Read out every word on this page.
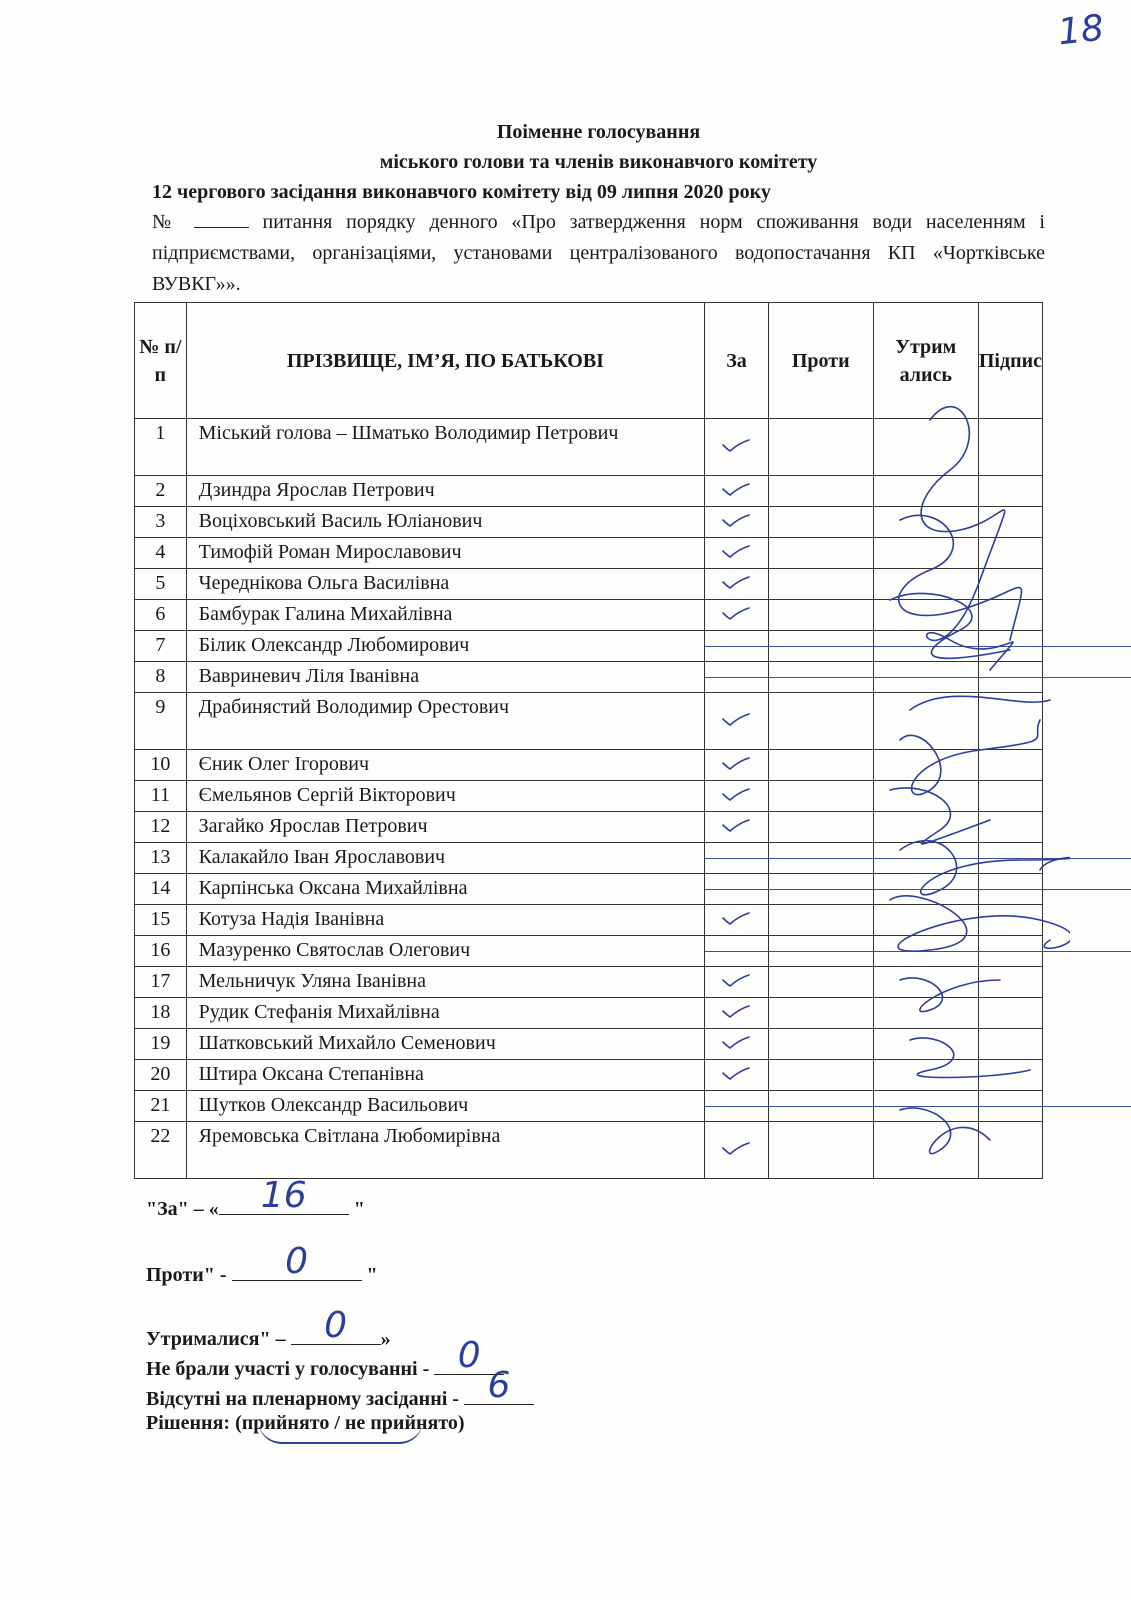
18
Поіменне голосування
міського голови та членів виконавчого комітету
12 чергового засідання виконавчого комітету від 09 липня 2020 року
№	питання порядку денного «Про затвердження норм споживання води населенням і підприємствами, організаціями, установами централізованого водопостачання КП «Чортківське ВУВКГ»».
№ п/п	ПРІЗВИЩЕ, ІМ’Я, ПО БАТЬКОВІ	За	Проти	Утрим ались	Підпис
1	Міський голова – Шматько Володимир Петрович	

2	Дзиндра Ярослав Петрович	

3	Воціховський Василь Юліанович	

4	Тимофій Роман Мирославович	

5	Череднікова Ольга Василівна	

6	Бамбурак Галина Михайлівна	

7	Білик Олександр Любомирович	

8	Вавриневич Ліля Іванівна	

9	Драбинястий Володимир Орестович	

10	Єник Олег Ігорович	

11	Ємельянов Сергій Вікторович	

12	Загайко Ярослав Петрович	

13	Калакайло Іван Ярославович	

14	Карпінська Оксана Михайлівна	

15	Котуза Надія Іванівна	

16	Мазуренко Святослав Олегович	

17	Мельничук Уляна Іванівна	

18	Рудик Стефанія Михайлівна	

19	Шатковський Михайло Семенович	

20	Штира Оксана Степанівна	

21	Шутков Олександр Васильович	

22	Яремовська Світлана Любомирівна	

"За" – «	16	"
Проти" -	0	"
Утрималися" – 0	»
Не брали участі у голосуванні - 0
Відсутні на пленарному засіданні - 6
Рішення: (прийнято / не прийнято)
